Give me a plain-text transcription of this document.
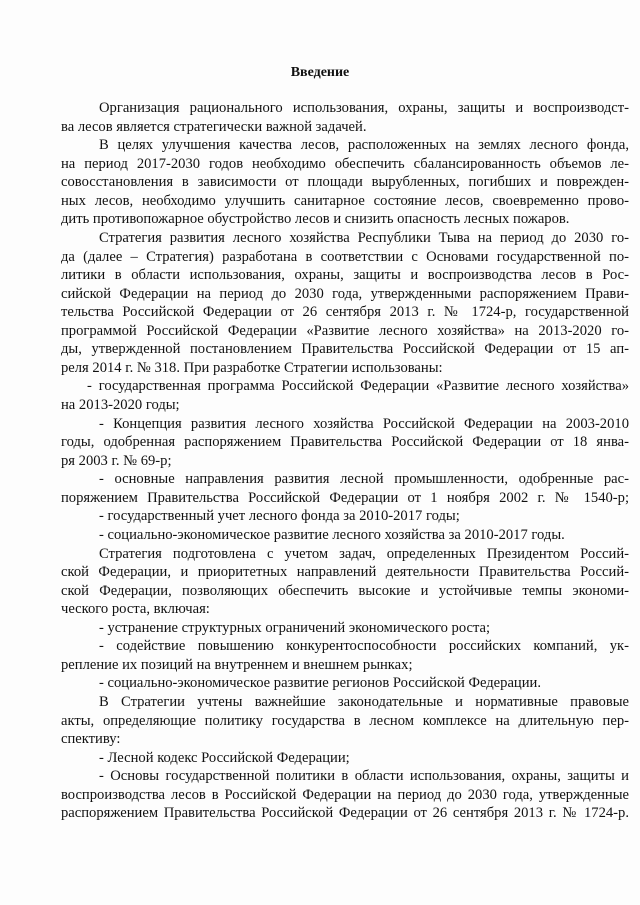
Введение
Организация рационального использования, охраны, защиты и воспроизводст-
ва лесов является стратегически важной задачей.
В целях улучшения качества лесов, расположенных на землях лесного фонда,
на период 2017-2030 годов необходимо обеспечить сбалансированность объемов ле-
совосстановления в зависимости от площади вырубленных, погибших и поврежден-
ных лесов, необходимо улучшить санитарное состояние лесов, своевременно прово-
дить противопожарное обустройство лесов и снизить опасность лесных пожаров.
Стратегия развития лесного хозяйства Республики Тыва на период до 2030 го-
да (далее – Стратегия) разработана в соответствии с Основами государственной по-
литики в области использования, охраны, защиты и воспроизводства лесов в Рос-
сийской Федерации на период до 2030 года, утвержденными распоряжением Прави-
тельства Российской Федерации от 26 сентября 2013 г. № 1724-р, государственной
программой Российской Федерации «Развитие лесного хозяйства» на 2013-2020 го-
ды, утвержденной постановлением Правительства Российской Федерации от 15 ап-
реля 2014 г. № 318. При разработке Стратегии использованы:
- государственная программа Российской Федерации «Развитие лесного хозяйства»
на 2013-2020 годы;
- Концепция развития лесного хозяйства Российской Федерации на 2003-2010
годы, одобренная распоряжением Правительства Российской Федерации от 18 янва-
ря 2003 г. № 69-р;
- основные направления развития лесной промышленности, одобренные рас-
поряжением Правительства Российской Федерации от 1 ноября 2002 г. № 1540-р;
- государственный учет лесного фонда за 2010-2017 годы;
- социально-экономическое развитие лесного хозяйства за 2010-2017 годы.
Стратегия подготовлена с учетом задач, определенных Президентом Россий-
ской Федерации, и приоритетных направлений деятельности Правительства Россий-
ской Федерации, позволяющих обеспечить высокие и устойчивые темпы экономи-
ческого роста, включая:
- устранение структурных ограничений экономического роста;
- содействие повышению конкурентоспособности российских компаний, ук-
репление их позиций на внутреннем и внешнем рынках;
- социально-экономическое развитие регионов Российской Федерации.
В Стратегии учтены важнейшие законодательные и нормативные правовые
акты, определяющие политику государства в лесном комплексе на длительную пер-
спективу:
- Лесной кодекс Российской Федерации;
- Основы государственной политики в области использования, охраны, защиты и
воспроизводства лесов в Российской Федерации на период до 2030 года, утвержденные
распоряжением Правительства Российской Федерации от 26 сентября 2013 г. № 1724-р.
